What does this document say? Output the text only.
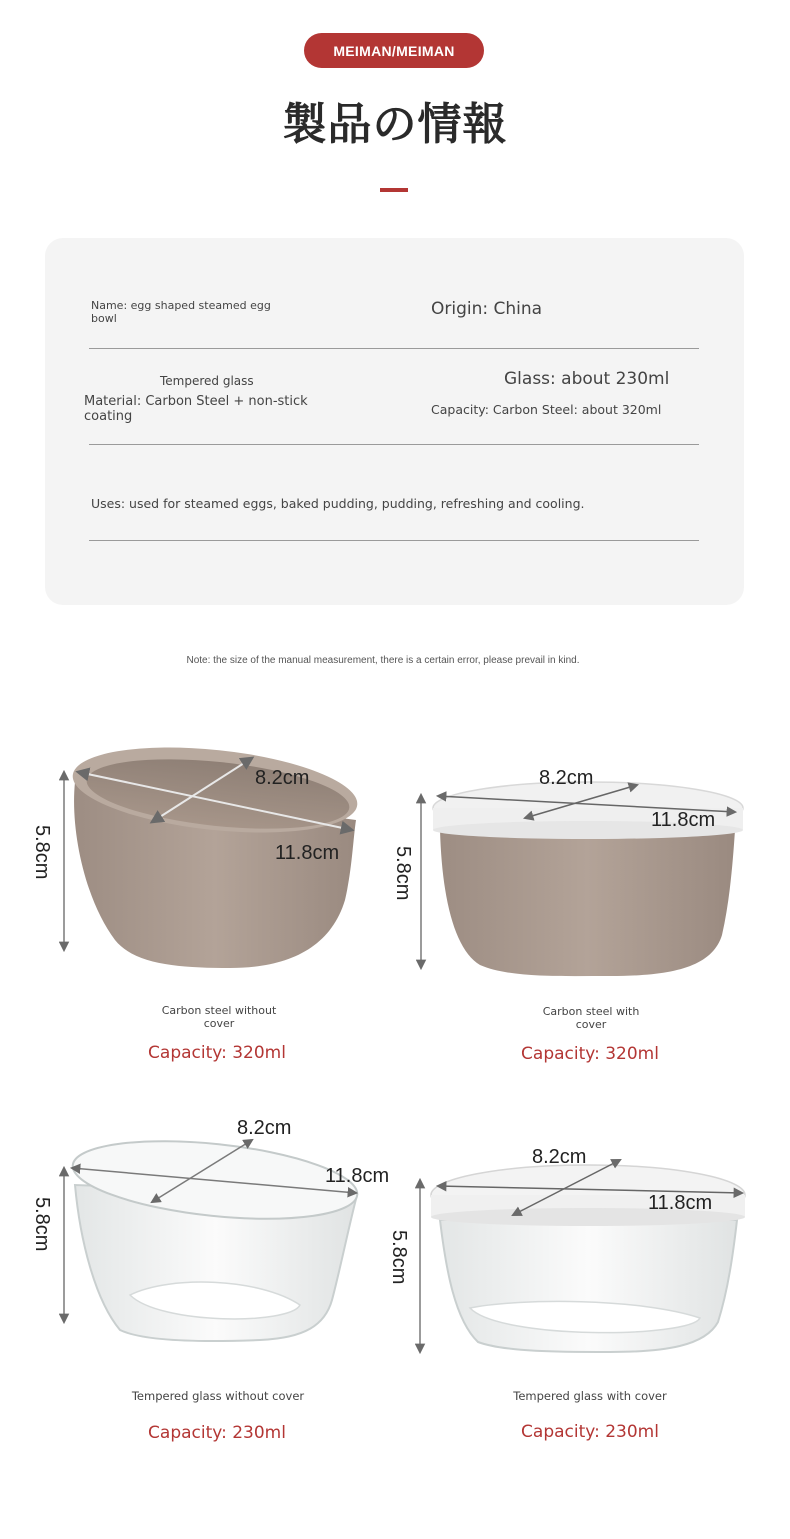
MEIMAN/MEIMAN
製品の情報
Name: egg shaped steamed egg bowl	Origin: China
Tempered glass
Material: Carbon Steel + non-stick coating
Glass: about 230ml
Capacity: Carbon Steel: about 320ml
Uses: used for steamed eggs, baked pudding, pudding, refreshing and cooling.
Note: the size of the manual measurement, there is a certain error, please prevail in kind.
8.2cm
11.8cm
5.8cm
8.2cm
11.8cm
5.8cm
8.2cm
11.8cm
5.8cm
8.2cm
11.8cm
5.8cm
Carbon steel without cover
Capacity: 320ml
Carbon steel with cover
Capacity: 320ml
Tempered glass without cover
Capacity: 230ml
Tempered glass with cover
Capacity: 230ml
